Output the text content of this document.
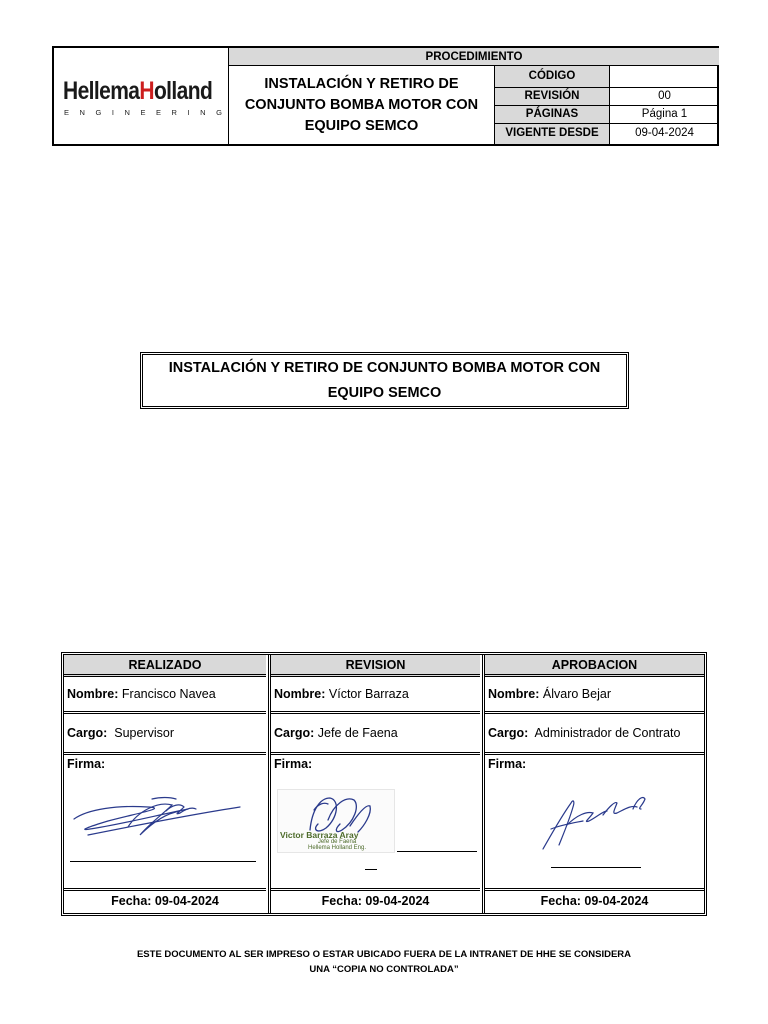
HellemaHolland
E N G I N E E R I N G
PROCEDIMIENTO
INSTALACIÓN Y RETIRO DE CONJUNTO BOMBA MOTOR CON EQUIPO SEMCO
CÓDIGO
REVISIÓN	00
PÁGINAS	Página 1
VIGENTE DESDE	09-04-2024
INSTALACIÓN Y RETIRO DE CONJUNTO BOMBA MOTOR CON EQUIPO SEMCO
REALIZADO
Nombre: Francisco Navea
Cargo: Supervisor
Firma:
Fecha: 09-04-2024
REVISION
Nombre: Víctor Barraza
Cargo: Jefe de Faena
Firma:
Victor Barraza Aray
Jefe de Faena
Hellema Holland Eng.
Fecha: 09-04-2024
APROBACION
Nombre: Álvaro Bejar
Cargo: Administrador de Contrato
Firma:
Fecha: 09-04-2024
ESTE DOCUMENTO AL SER IMPRESO O ESTAR UBICADO FUERA DE LA INTRANET DE HHE SE CONSIDERA
UNA “COPIA NO CONTROLADA”
